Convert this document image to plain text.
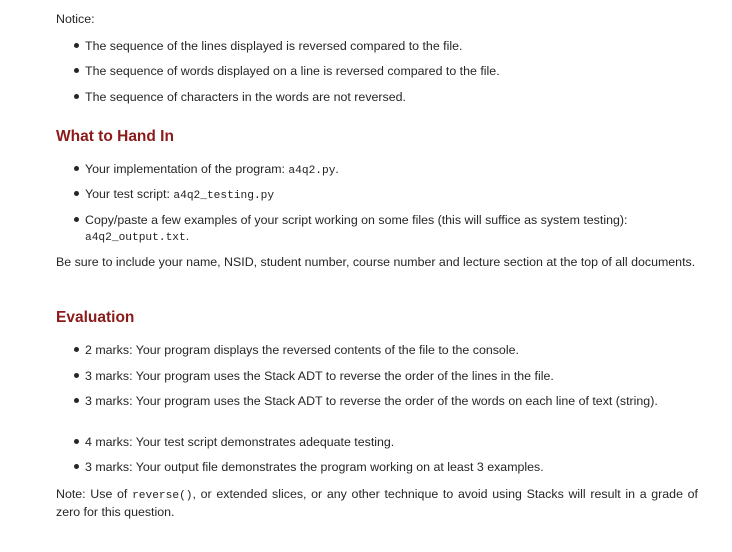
Notice:

The sequence of the lines displayed is reversed compared to the file.
The sequence of words displayed on a line is reversed compared to the file.
The sequence of characters in the words are not reversed.
What to Hand In
Your implementation of the program: a4q2.py.
Your test script: a4q2_testing.py
Copy/paste a few examples of your script working on some files (this will suffice as system testing):
a4q2_output.txt.

Be sure to include your name, NSID, student number, course number and lecture section at the top of all documents.

Evaluation
2 marks: Your program displays the reversed contents of the file to the console.
3 marks: Your program uses the Stack ADT to reverse the order of the lines in the file.
3 marks: Your program uses the Stack ADT to reverse the order of the words on each line of text (string).
4 marks: Your test script demonstrates adequate testing.
3 marks: Your output file demonstrates the program working on at least 3 examples.

Note: Use of reverse(), or extended slices, or any other technique to avoid using Stacks will result in a grade of zero for this question.
